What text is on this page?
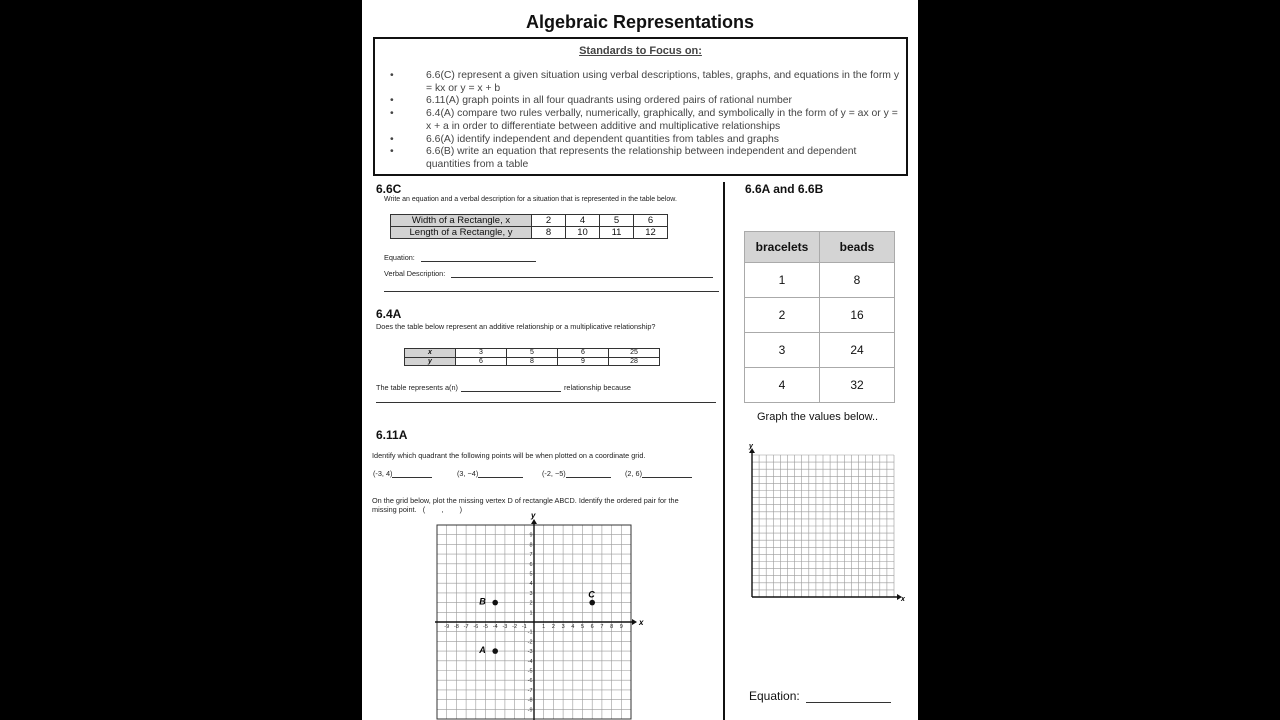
Algebraic Representations
Standards to Focus on:
• 6.6(C) represent a given situation using verbal descriptions, tables, graphs, and equations in the form y = kx or y = x + b
• 6.11(A) graph points in all four quadrants using ordered pairs of rational number
• 6.4(A) compare two rules verbally, numerically, graphically, and symbolically in the form of y = ax or y = x + a in order to differentiate between additive and multiplicative relationships
• 6.6(A) identify independent and dependent quantities from tables and graphs
• 6.6(B) write an equation that represents the relationship between independent and dependent quantities from a table
6.6C
Write an equation and a verbal description for a situation that is represented in the table below.
Width of a Rectangle, x	2	4	5	6
Length of a Rectangle, y	8	10	11	12
Equation:
Verbal Description:
6.4A
Does the table below represent an additive relationship or a multiplicative relationship?
x	3	5	6	25
y	6	8	9	28
The table represents a(n)	relationship because
6.11A
Identify which quadrant the following points will be when plotted on a coordinate grid.
(-3, 4)	(3, −4)	(-2, −5)	(2, 6)
On the grid below, plot the missing vertex D of rectangle ABCD. Identify the ordered pair for the
missing point.   (        ,        )
x
y
-9
-9
-8
-8
-7
-7
-6
-6
-5
-5
-4
-4
-3
-3
-2
-2
-1
-1
1
1
2
2
3
3
4
4
5
5
6
6
7
7
8
8
9
9
B
C
A
6.6A and 6.6B
bracelets	beads
1	8
2	16
3	24
4	32
Graph the values below..
y
x
Equation:
